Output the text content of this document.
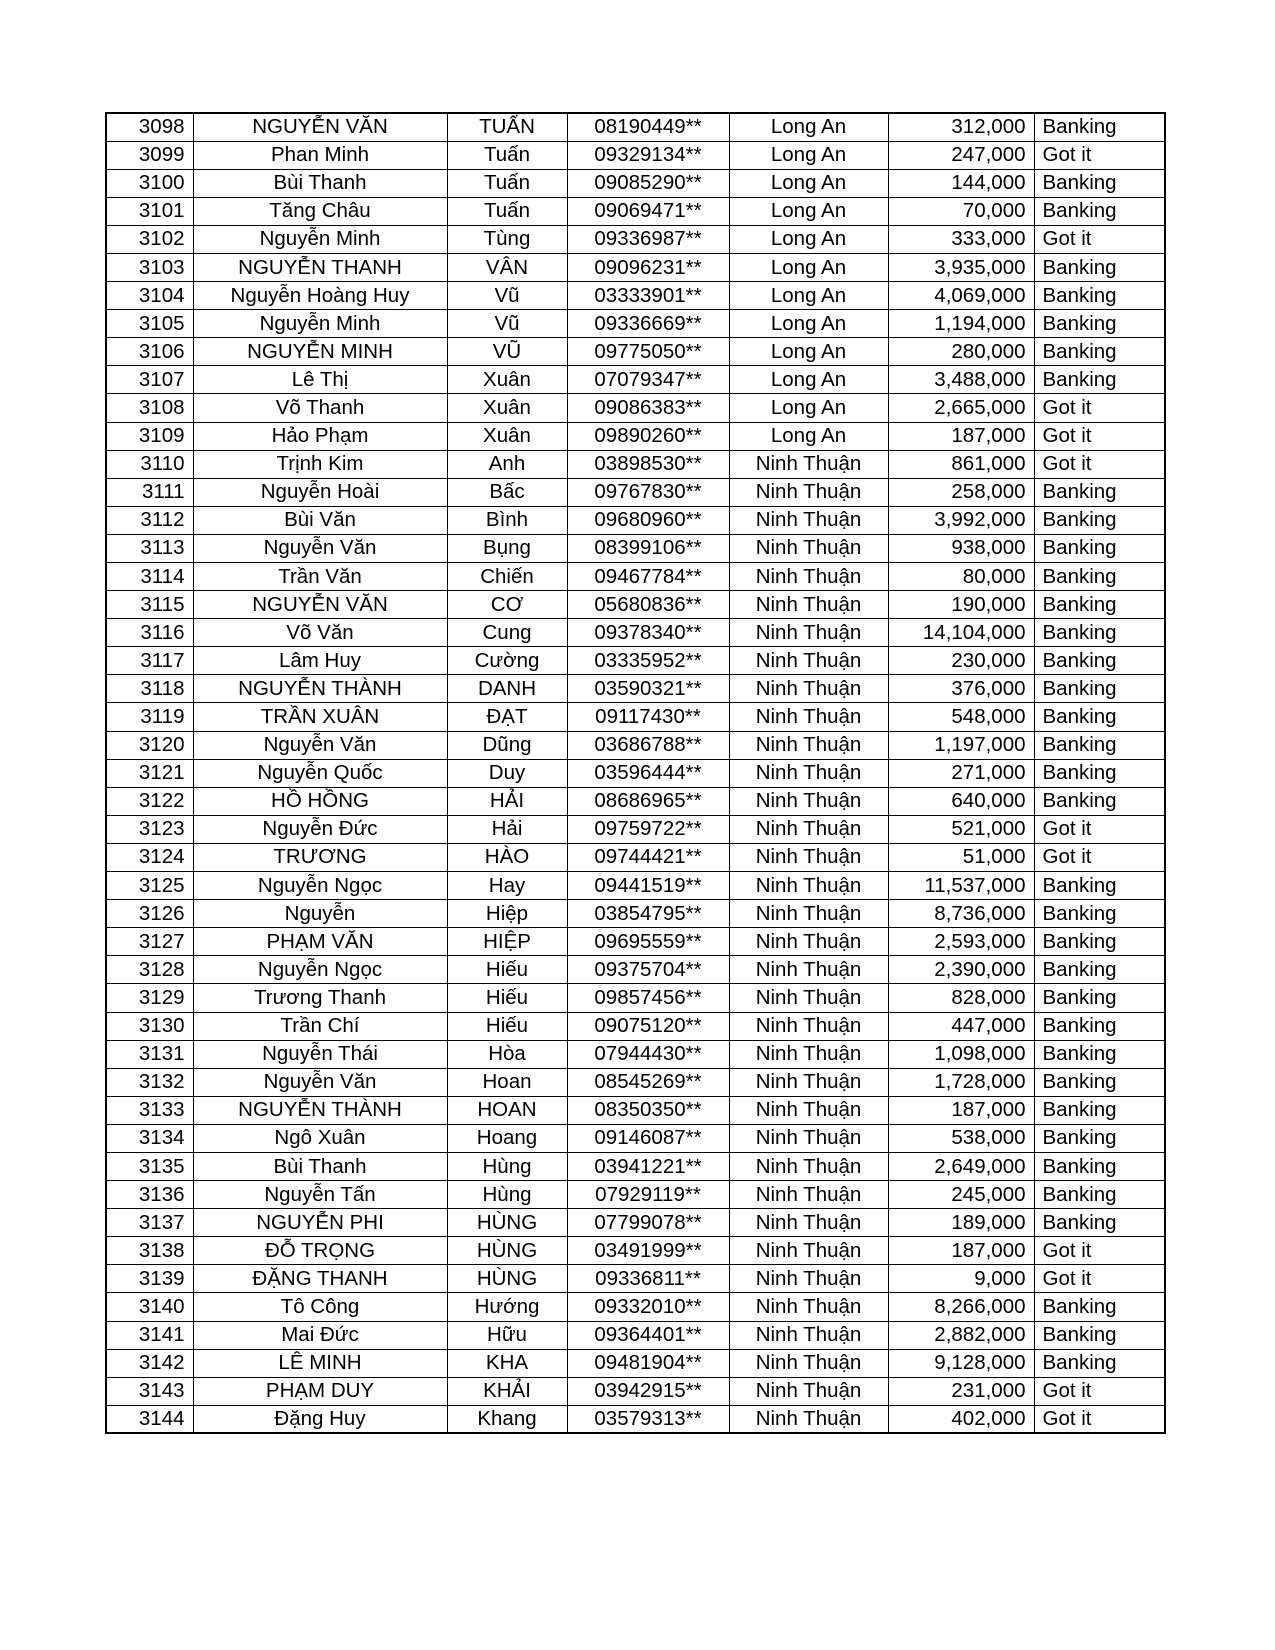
3098	NGUYỄN VĂN	TUẤN	08190449**	Long An	312,000	Banking
3099	Phan Minh	Tuấn	09329134**	Long An	247,000	Got it
3100	Bùi Thanh	Tuấn	09085290**	Long An	144,000	Banking
3101	Tăng Châu	Tuấn	09069471**	Long An	70,000	Banking
3102	Nguyễn Minh	Tùng	09336987**	Long An	333,000	Got it
3103	NGUYỄN THANH	VÂN	09096231**	Long An	3,935,000	Banking
3104	Nguyễn Hoàng Huy	Vũ	03333901**	Long An	4,069,000	Banking
3105	Nguyễn Minh	Vũ	09336669**	Long An	1,194,000	Banking
3106	NGUYỄN MINH	VŨ	09775050**	Long An	280,000	Banking
3107	Lê Thị	Xuân	07079347**	Long An	3,488,000	Banking
3108	Võ Thanh	Xuân	09086383**	Long An	2,665,000	Got it
3109	Hảo Phạm	Xuân	09890260**	Long An	187,000	Got it
3110	Trịnh Kim	Anh	03898530**	Ninh Thuận	861,000	Got it
3111	Nguyễn Hoài	Bấc	09767830**	Ninh Thuận	258,000	Banking
3112	Bùi Văn	Bình	09680960**	Ninh Thuận	3,992,000	Banking
3113	Nguyễn Văn	Bụng	08399106**	Ninh Thuận	938,000	Banking
3114	Trần Văn	Chiến	09467784**	Ninh Thuận	80,000	Banking
3115	NGUYỄN VĂN	CƠ	05680836**	Ninh Thuận	190,000	Banking
3116	Võ Văn	Cung	09378340**	Ninh Thuận	14,104,000	Banking
3117	Lâm Huy	Cường	03335952**	Ninh Thuận	230,000	Banking
3118	NGUYỄN THÀNH	DANH	03590321**	Ninh Thuận	376,000	Banking
3119	TRẦN XUÂN	ĐẠT	09117430**	Ninh Thuận	548,000	Banking
3120	Nguyễn Văn	Dũng	03686788**	Ninh Thuận	1,197,000	Banking
3121	Nguyễn Quốc	Duy	03596444**	Ninh Thuận	271,000	Banking
3122	HỒ HỒNG	HẢI	08686965**	Ninh Thuận	640,000	Banking
3123	Nguyễn Đức	Hải	09759722**	Ninh Thuận	521,000	Got it
3124	TRƯƠNG	HÀO	09744421**	Ninh Thuận	51,000	Got it
3125	Nguyễn Ngọc	Hay	09441519**	Ninh Thuận	11,537,000	Banking
3126	Nguyễn	Hiệp	03854795**	Ninh Thuận	8,736,000	Banking
3127	PHẠM VĂN	HIỆP	09695559**	Ninh Thuận	2,593,000	Banking
3128	Nguyễn Ngọc	Hiếu	09375704**	Ninh Thuận	2,390,000	Banking
3129	Trương Thanh	Hiếu	09857456**	Ninh Thuận	828,000	Banking
3130	Trần Chí	Hiếu	09075120**	Ninh Thuận	447,000	Banking
3131	Nguyễn Thái	Hòa	07944430**	Ninh Thuận	1,098,000	Banking
3132	Nguyễn Văn	Hoan	08545269**	Ninh Thuận	1,728,000	Banking
3133	NGUYỄN THÀNH	HOAN	08350350**	Ninh Thuận	187,000	Banking
3134	Ngô Xuân	Hoang	09146087**	Ninh Thuận	538,000	Banking
3135	Bùi Thanh	Hùng	03941221**	Ninh Thuận	2,649,000	Banking
3136	Nguyễn Tấn	Hùng	07929119**	Ninh Thuận	245,000	Banking
3137	NGUYỄN PHI	HÙNG	07799078**	Ninh Thuận	189,000	Banking
3138	ĐỖ TRỌNG	HÙNG	03491999**	Ninh Thuận	187,000	Got it
3139	ĐẶNG THANH	HÙNG	09336811**	Ninh Thuận	9,000	Got it
3140	Tô Công	Hướng	09332010**	Ninh Thuận	8,266,000	Banking
3141	Mai Đức	Hữu	09364401**	Ninh Thuận	2,882,000	Banking
3142	LÊ MINH	KHA	09481904**	Ninh Thuận	9,128,000	Banking
3143	PHẠM DUY	KHẢI	03942915**	Ninh Thuận	231,000	Got it
3144	Đặng Huy	Khang	03579313**	Ninh Thuận	402,000	Got it
